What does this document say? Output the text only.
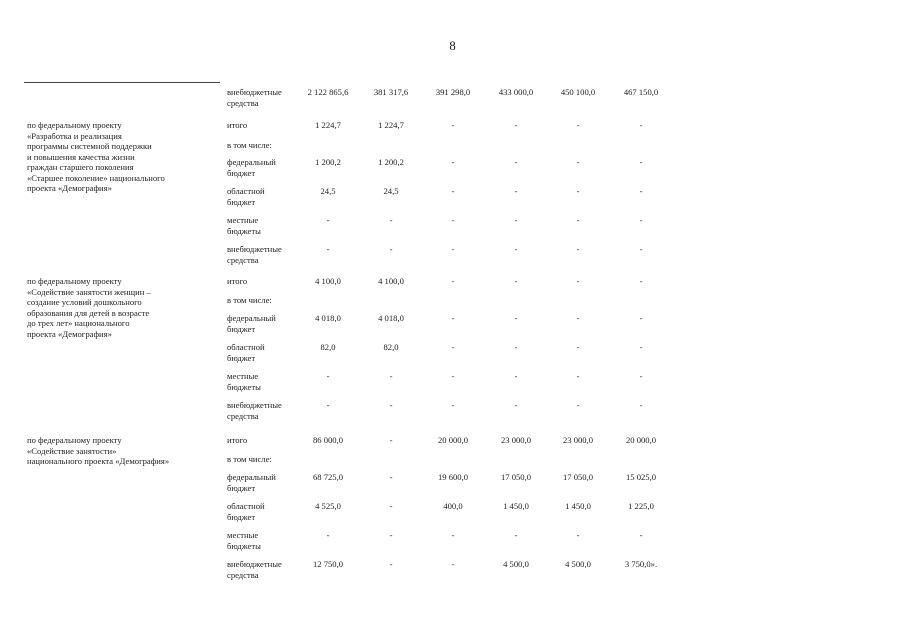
8
внебюджетные
средства
2 122 865,6	381 317,6	391 298,0	433 000,0	450 100,0	467 150,0
по федеральному проекту
«Разработка и реализация
программы системной поддержки
и повышения качества жизни
граждан старшего поколения
«Старшее поколение» национального
проекта «Демография»
итого	1 224,7	1 224,7	-	-	-	-
в том числе:
федеральный
бюджет
1 200,2	1 200,2	-	-	-	-
областной
бюджет
24,5	24,5	-	-	-	-
местные
бюджеты
-	-	-	-	-	-
внебюджетные
средства
-	-	-	-	-	-
по федеральному проекту
«Содействие занятости женщин –
создание условий дошкольного
образования для детей в возрасте
до трех лет» национального
проекта «Демография»
итого	4 100,0	4 100,0	-	-	-	-
в том числе:
федеральный
бюджет
4 018,0	4 018,0	-	-	-	-
областной
бюджет
82,0	82,0	-	-	-	-
местные
бюджеты
-	-	-	-	-	-
внебюджетные
средства
-	-	-	-	-	-
по федеральному проекту
«Содействие занятости»
национального проекта «Демография»
итого	86 000,0	-	20 000,0	23 000,0	23 000,0	20 000,0
в том числе:
федеральный
бюджет
68 725,0	-	19 600,0	17 050,0	17 050,0	15 025,0
областной
бюджет
4 525,0	-	400,0	1 450,0	1 450,0	1 225,0
местные
бюджеты
-	-	-	-	-	-
внебюджетные
средства
12 750,0	-	-	4 500,0	4 500,0	3 750,0».
